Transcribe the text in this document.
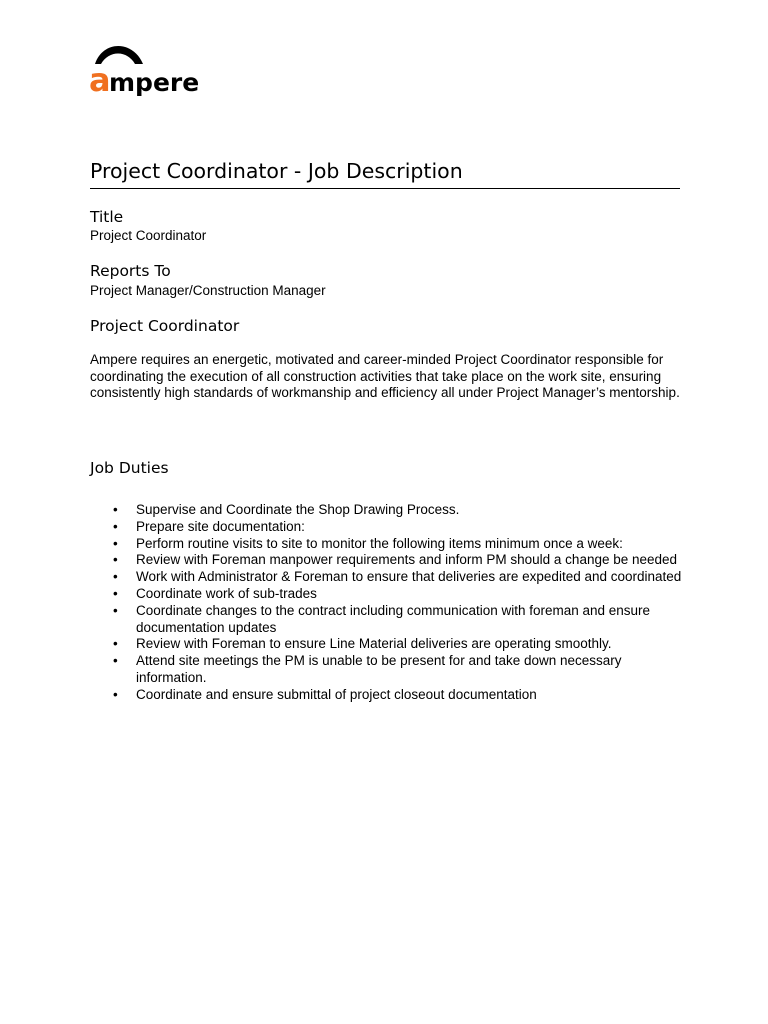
a
mpere
Project Coordinator - Job Description
Title
Project Coordinator
Reports To
Project Manager/Construction Manager
Project Coordinator

Ampere requires an energetic, motivated and career-minded Project Coordinator responsible for coordinating the execution of all construction activities that take place on the work site, ensuring consistently high standards of workmanship and efficiency all under Project Manager’s mentorship.

Job Duties
• Supervise and Coordinate the Shop Drawing Process.
• Prepare site documentation:
• Perform routine visits to site to monitor the following items minimum once a week:
• Review with Foreman manpower requirements and inform PM should a change be needed
• Work with Administrator & Foreman to ensure that deliveries are expedited and coordinated
• Coordinate work of sub-trades
• Coordinate changes to the contract including communication with foreman and ensure documentation updates
• Review with Foreman to ensure Line Material deliveries are operating smoothly.
• Attend site meetings the PM is unable to be present for and take down necessary information.
• Coordinate and ensure submittal of project closeout documentation
